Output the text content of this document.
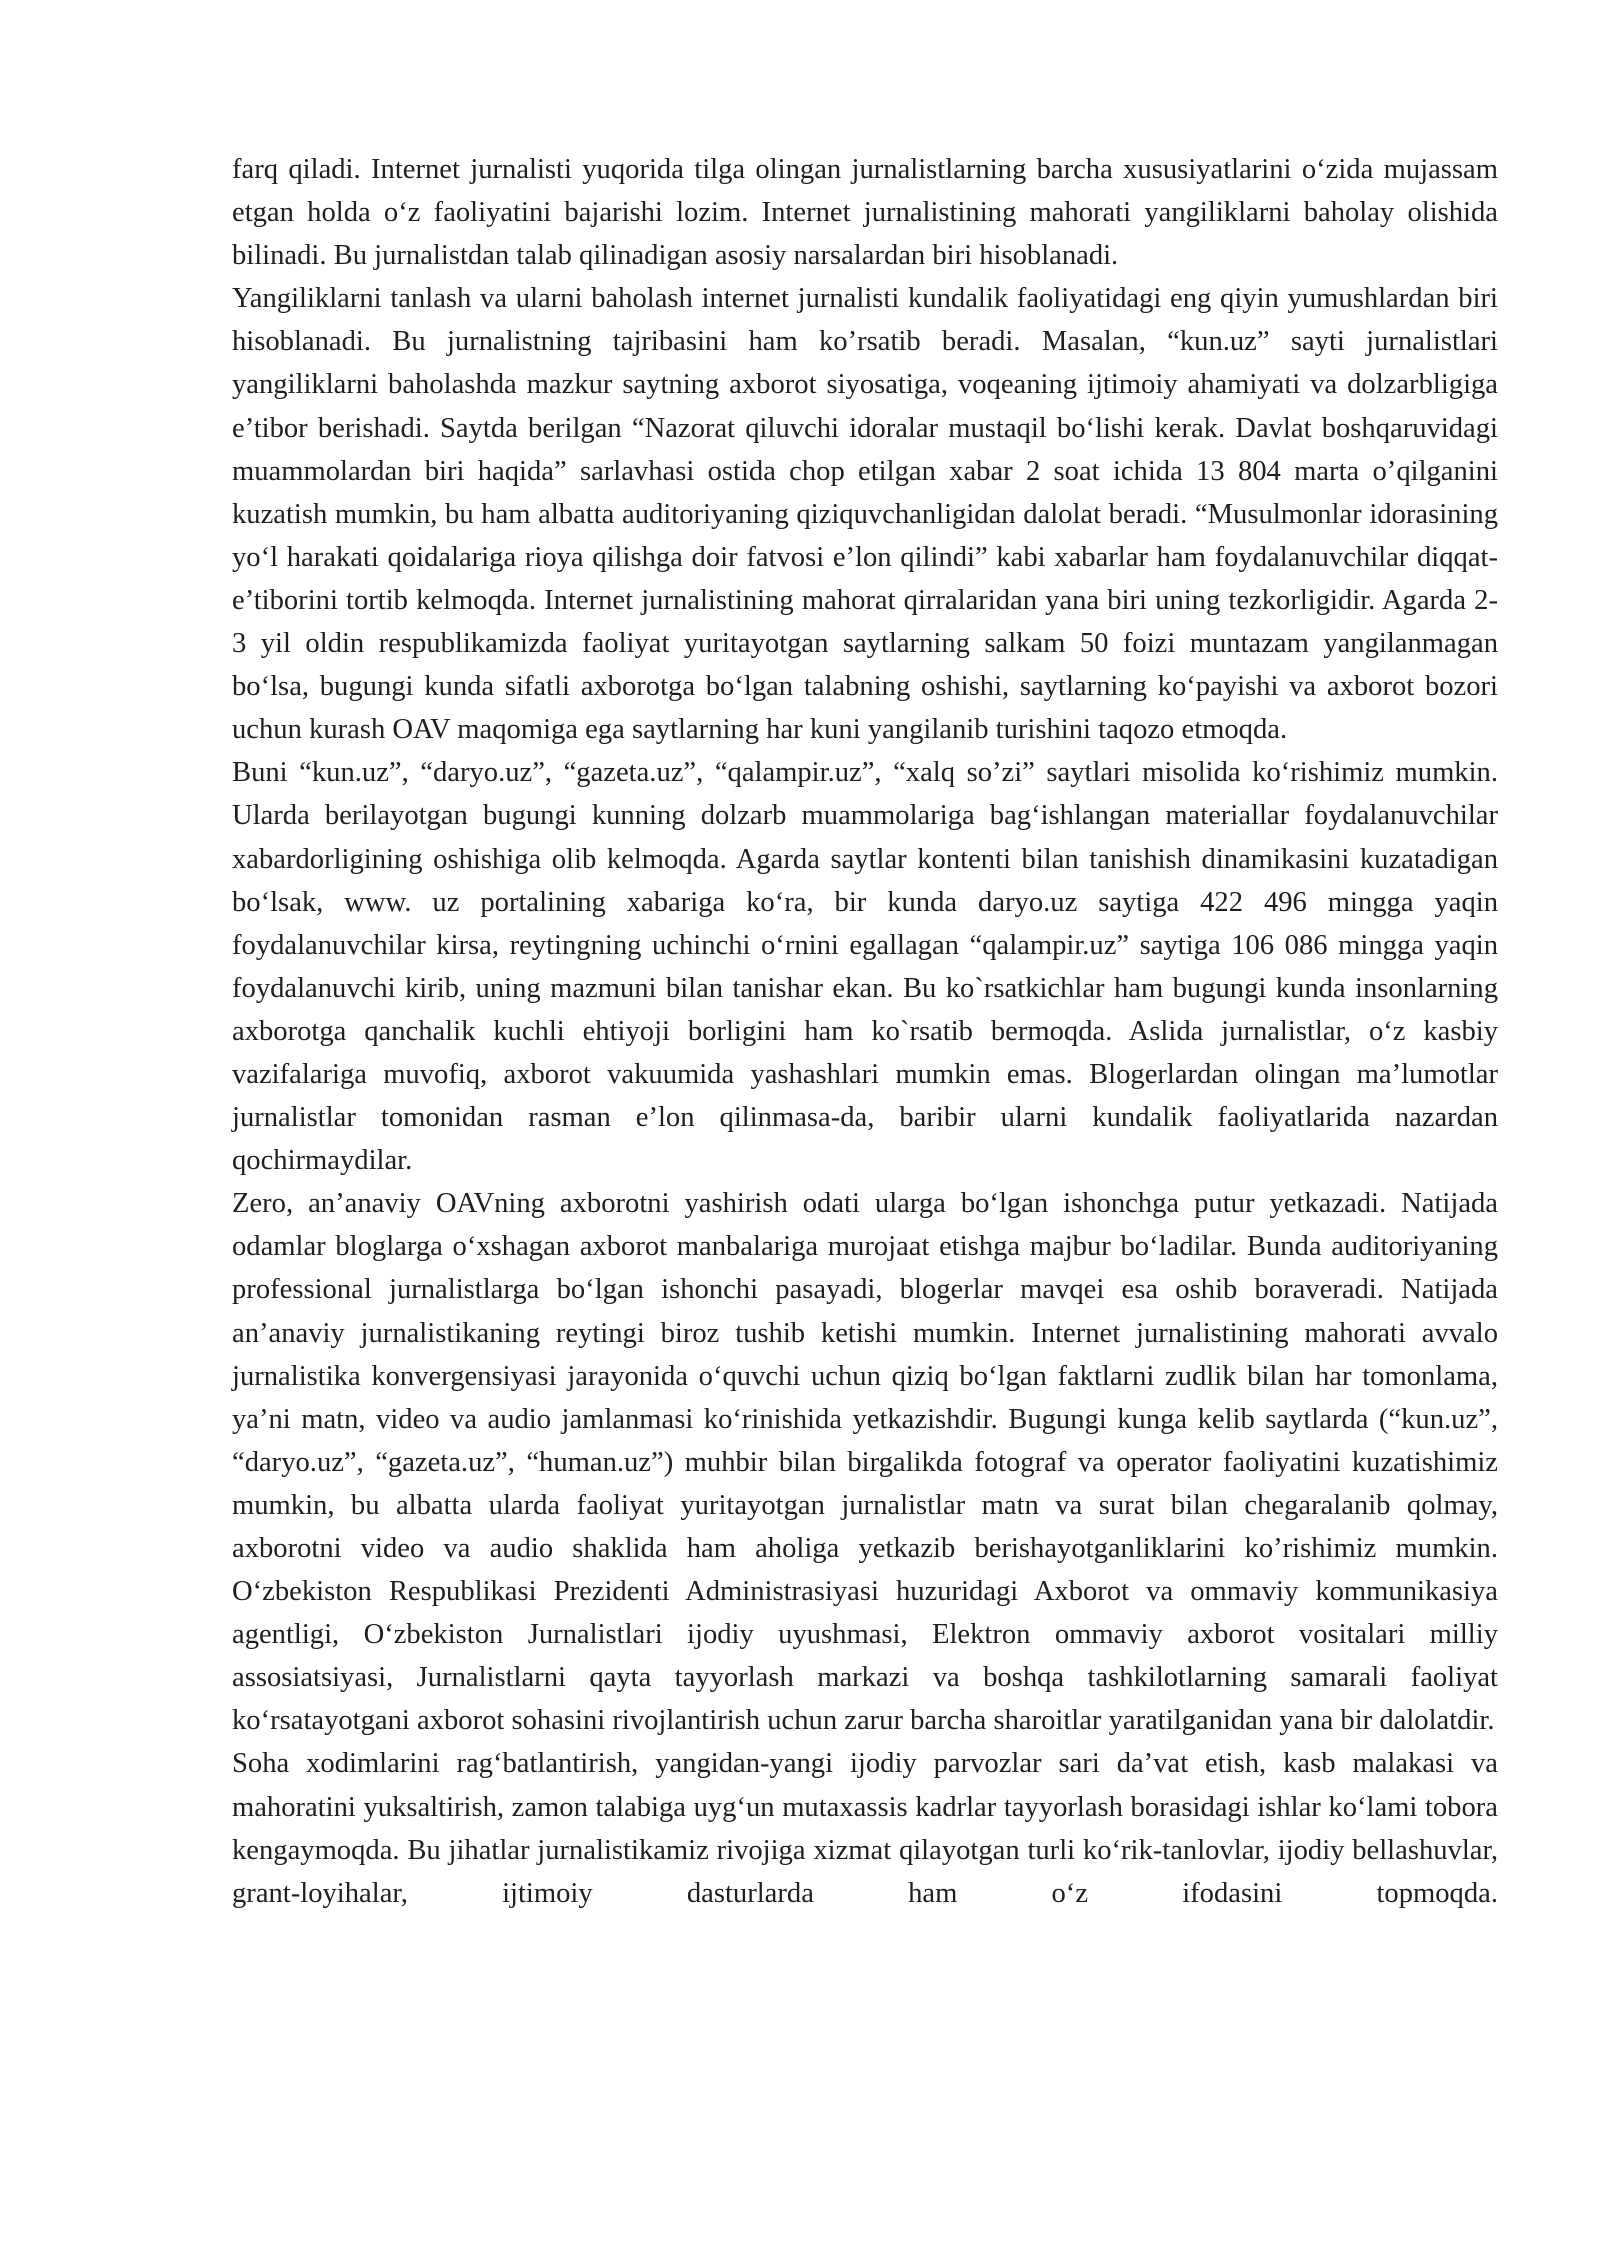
farq qiladi. Internet jurnalisti yuqorida tilga olingan jurnalistlarning barcha xususiyatlarini oʻzida mujassam etgan holda oʻz faoliyatini bajarishi lozim. Internet jurnalistining mahorati yangiliklarni baholay olishida bilinadi. Bu jurnalistdan talab qilinadigan asosiy narsalardan biri hisoblanadi.

Yangiliklarni tanlash va ularni baholash internet jurnalisti kundalik faoliyatidagi eng qiyin yumushlardan biri hisoblanadi. Bu jurnalistning tajribasini ham ko’rsatib beradi. Masalan, “kun.uz” sayti jurnalistlari yangiliklarni baholashda mazkur saytning axborot siyosatiga, voqeaning ijtimoiy ahamiyati va dolzarbligiga e’tibor berishadi. Saytda berilgan “Nazorat qiluvchi idoralar mustaqil boʻlishi kerak. Davlat boshqaruvidagi muammolardan biri haqida” sarlavhasi ostida chop etilgan xabar 2 soat ichida 13 804 marta o’qilganini kuzatish mumkin, bu ham albatta auditoriyaning qiziquvchanligidan dalolat beradi. “Musulmonlar idorasining yoʻl harakati qoidalariga rioya qilishga doir fatvosi e’lon qilindi” kabi xabarlar ham foydalanuvchilar diqqat-e’tiborini tortib kelmoqda. Internet jurnalistining mahorat qirralaridan yana biri uning tezkorligidir. Agarda 2-3 yil oldin respublikamizda faoliyat yuritayotgan saytlarning salkam 50 foizi muntazam yangilanmagan boʻlsa, bugungi kunda sifatli axborotga boʻlgan talabning oshishi, saytlarning koʻpayishi va axborot bozori uchun kurash OAV maqomiga ega saytlarning har kuni yangilanib turishini taqozo etmoqda.

Buni “kun.uz”, “daryo.uz”, “gazeta.uz”, “qalampir.uz”, “xalq so’zi” saytlari misolida koʻrishimiz mumkin. Ularda berilayotgan bugungi kunning dolzarb muammolariga bagʻishlangan materiallar foydalanuvchilar xabardorligining oshishiga olib kelmoqda. Agarda saytlar kontenti bilan tanishish dinamikasini kuzatadigan boʻlsak, www. uz portalining xabariga koʻra, bir kunda daryo.uz saytiga 422 496 mingga yaqin foydalanuvchilar kirsa, reytingning uchinchi oʻrnini egallagan “qalampir.uz” saytiga 106 086 mingga yaqin foydalanuvchi kirib, uning mazmuni bilan tanishar ekan. Bu ko`rsatkichlar ham bugungi kunda insonlarning axborotga qanchalik kuchli ehtiyoji borligini ham ko`rsatib bermoqda. Aslida jurnalistlar, oʻz kasbiy vazifalariga muvofiq, axborot vakuumida yashashlari mumkin emas. Blogerlardan olingan ma’lumotlar jurnalistlar tomonidan rasman e’lon qilinmasa-da, baribir ularni kundalik faoliyatlarida nazardan qochirmaydilar.

Zero, an’anaviy OAVning axborotni yashirish odati ularga boʻlgan ishonchga putur yetkazadi. Natijada odamlar bloglarga oʻxshagan axborot manbalariga murojaat etishga majbur boʻladilar. Bunda auditoriyaning professional jurnalistlarga boʻlgan ishonchi pasayadi, blogerlar mavqei esa oshib boraveradi. Natijada an’anaviy jurnalistikaning reytingi biroz tushib ketishi mumkin. Internet jurnalistining mahorati avvalo jurnalistika konvergensiyasi jarayonida oʻquvchi uchun qiziq boʻlgan faktlarni zudlik bilan har tomonlama, ya’ni matn, video va audio jamlanmasi koʻrinishida yetkazishdir. Bugungi kunga kelib saytlarda (“kun.uz”, “daryo.uz”, “gazeta.uz”, “human.uz”) muhbir bilan birgalikda fotograf va operator faoliyatini kuzatishimiz mumkin, bu albatta ularda faoliyat yuritayotgan jurnalistlar matn va surat bilan chegaralanib qolmay, axborotni video va audio shaklida ham aholiga yetkazib berishayotganliklarini ko’rishimiz mumkin. Oʻzbekiston Respublikasi Prezidenti Administrasiyasi huzuridagi Axborot va ommaviy kommunikasiya agentligi, Oʻzbekiston Jurnalistlari ijodiy uyushmasi, Elektron ommaviy axborot vositalari milliy assosiatsiyasi, Jurnalistlarni qayta tayyorlash markazi va boshqa tashkilotlarning samarali faoliyat koʻrsatayotgani axborot sohasini rivojlantirish uchun zarur barcha sharoitlar yaratilganidan yana bir dalolatdir.

Soha xodimlarini ragʻbatlantirish, yangidan-yangi ijodiy parvozlar sari da’vat etish, kasb malakasi va mahoratini yuksaltirish, zamon talabiga uygʻun mutaxassis kadrlar tayyorlash borasidagi ishlar koʻlami tobora kengaymoqda. Bu jihatlar jurnalistikamiz rivojiga xizmat qilayotgan turli koʻrik-tanlovlar, ijodiy bellashuvlar, grant-loyihalar, ijtimoiy dasturlarda ham oʻz ifodasini topmoqda.
